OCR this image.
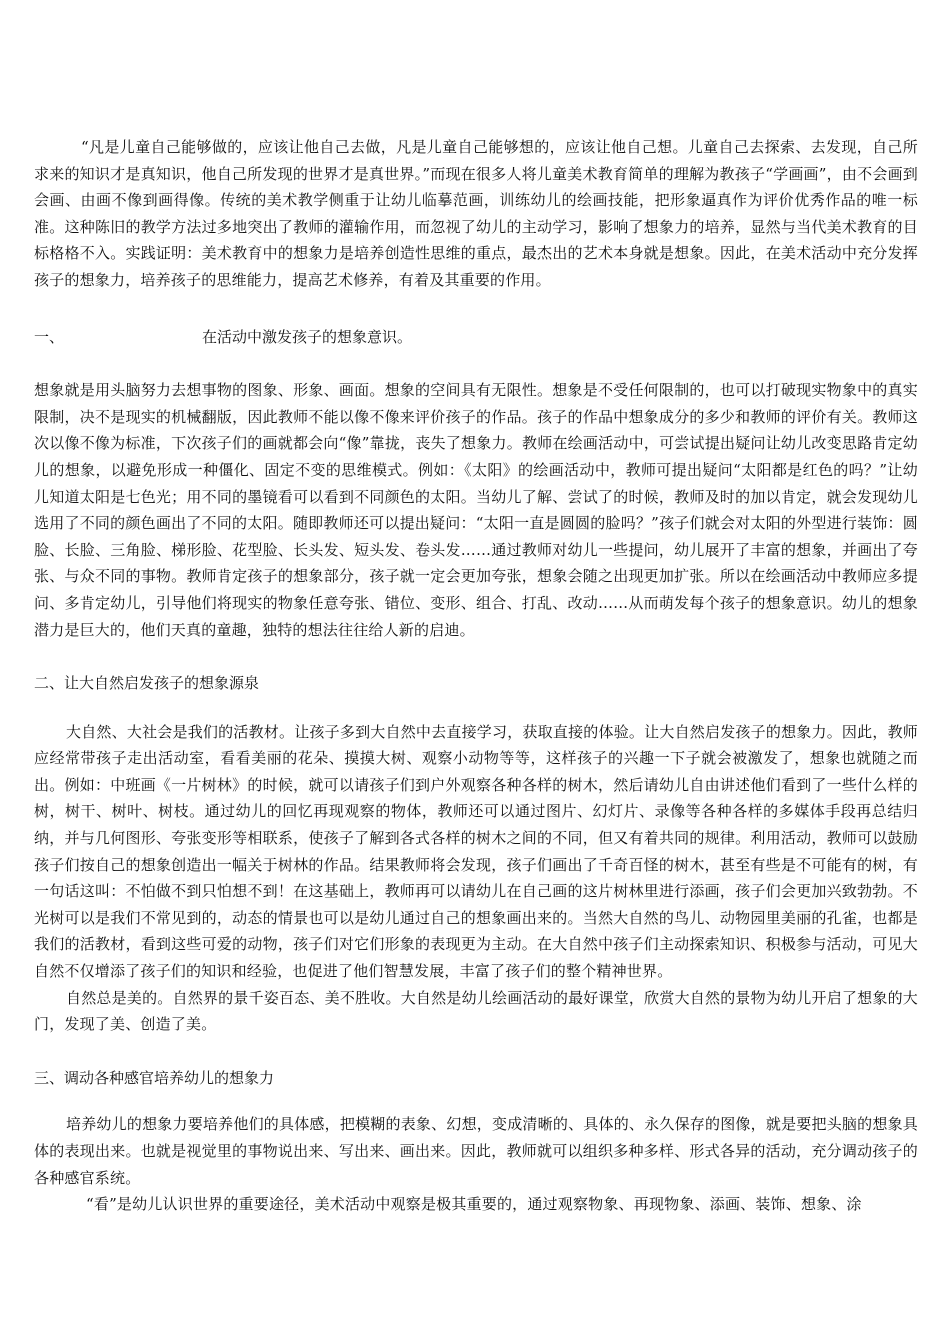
“凡是儿童自己能够做的，应该让他自己去做，凡是儿童自己能够想的，应该让他自己想。儿童自己去探索、去发现，自己所求来的知识才是真知识，他自己所发现的世界才是真世界。”而现在很多人将儿童美术教育简单的理解为教孩子“学画画”，由不会画到会画、由画不像到画得像。传统的美术教学侧重于让幼儿临摹范画，训练幼儿的绘画技能，把形象逼真作为评价优秀作品的唯一标准。这种陈旧的教学方法过多地突出了教师的灌输作用，而忽视了幼儿的主动学习，影响了想象力的培养，显然与当代美术教育的目标格格不入。实践证明：美术教育中的想象力是培养创造性思维的重点，最杰出的艺术本身就是想象。因此，在美术活动中充分发挥孩子的想象力，培养孩子的思维能力，提高艺术修养，有着及其重要的作用。

一、	在活动中激发孩子的想象意识。

想象就是用头脑努力去想事物的图象、形象、画面。想象的空间具有无限性。想象是不受任何限制的，也可以打破现实物象中的真实限制，决不是现实的机械翻版，因此教师不能以像不像来评价孩子的作品。孩子的作品中想象成分的多少和教师的评价有关。教师这次以像不像为标准，下次孩子们的画就都会向“像”靠拢，丧失了想象力。教师在绘画活动中，可尝试提出疑问让幼儿改变思路肯定幼儿的想象，以避免形成一种僵化、固定不变的思维模式。例如：《太阳》的绘画活动中，教师可提出疑问“太阳都是红色的吗？”让幼儿知道太阳是七色光；用不同的墨镜看可以看到不同颜色的太阳。当幼儿了解、尝试了的时候，教师及时的加以肯定，就会发现幼儿选用了不同的颜色画出了不同的太阳。随即教师还可以提出疑问：“太阳一直是圆圆的脸吗？”孩子们就会对太阳的外型进行装饰：圆脸、长脸、三角脸、梯形脸、花型脸、长头发、短头发、卷头发……通过教师对幼儿一些提问，幼儿展开了丰富的想象，并画出了夸张、与众不同的事物。教师肯定孩子的想象部分，孩子就一定会更加夸张，想象会随之出现更加扩张。所以在绘画活动中教师应多提问、多肯定幼儿，引导他们将现实的物象任意夸张、错位、变形、组合、打乱、改动……从而萌发每个孩子的想象意识。幼儿的想象潜力是巨大的，他们天真的童趣，独特的想法往往给人新的启迪。

二、让大自然启发孩子的想象源泉

大自然、大社会是我们的活教材。让孩子多到大自然中去直接学习，获取直接的体验。让大自然启发孩子的想象力。因此，教师应经常带孩子走出活动室，看看美丽的花朵、摸摸大树、观察小动物等等，这样孩子的兴趣一下子就会被激发了，想象也就随之而出。例如：中班画《一片树林》的时候，就可以请孩子们到户外观察各种各样的树木，然后请幼儿自由讲述他们看到了一些什么样的树，树干、树叶、树枝。通过幼儿的回忆再现观察的物体，教师还可以通过图片、幻灯片、录像等各种各样的多媒体手段再总结归纳，并与几何图形、夸张变形等相联系，使孩子了解到各式各样的树木之间的不同，但又有着共同的规律。利用活动，教师可以鼓励孩子们按自己的想象创造出一幅关于树林的作品。结果教师将会发现，孩子们画出了千奇百怪的树木，甚至有些是不可能有的树，有一句话这叫：不怕做不到只怕想不到！在这基础上，教师再可以请幼儿在自己画的这片树林里进行添画，孩子们会更加兴致勃勃。不光树可以是我们不常见到的，动态的情景也可以是幼儿通过自己的想象画出来的。当然大自然的鸟儿、动物园里美丽的孔雀，也都是我们的活教材，看到这些可爱的动物，孩子们对它们形象的表现更为主动。在大自然中孩子们主动探索知识、积极参与活动，可见大自然不仅增添了孩子们的知识和经验，也促进了他们智慧发展，丰富了孩子们的整个精神世界。

自然总是美的。自然界的景千姿百态、美不胜收。大自然是幼儿绘画活动的最好课堂，欣赏大自然的景物为幼儿开启了想象的大门，发现了美、创造了美。

三、调动各种感官培养幼儿的想象力

培养幼儿的想象力要培养他们的具体感，把模糊的表象、幻想，变成清晰的、具体的、永久保存的图像，就是要把头脑的想象具体的表现出来。也就是视觉里的事物说出来、写出来、画出来。因此，教师就可以组织多种多样、形式各异的活动，充分调动孩子的各种感官系统。

“看”是幼儿认识世界的重要途径，美术活动中观察是极其重要的，通过观察物象、再现物象、添画、装饰、想象、涂
